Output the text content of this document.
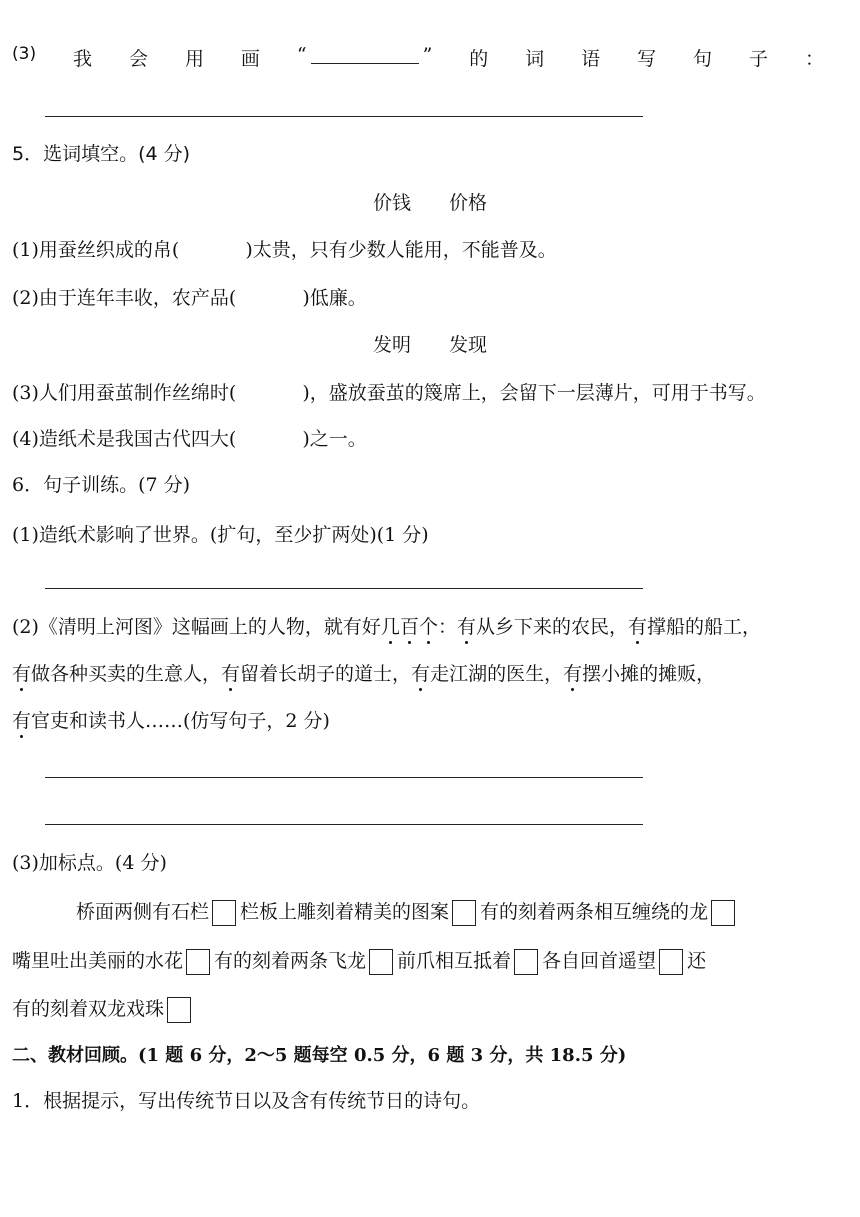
(3) 我 会 用 画 “	” 的 词 语 写 句 子 ：
5．选词填空。(4 分)
价钱　　价格
(1)用蚕丝织成的帛(	)太贵，只有少数人能用，不能普及。
(2)由于连年丰收，农产品(	)低廉。
发明　　发现
(3)人们用蚕茧制作丝绵时(	)，盛放蚕茧的篾席上，会留下一层薄片，可用于书写。
(4)造纸术是我国古代四大(	)之一。
6．句子训练。(7 分)
(1)造纸术影响了世界。(扩句，至少扩两处)(1 分)
(2)《清明上河图》这幅画上的人物，就有好几百个：有从乡下来的农民，有撑船的船工，
有做各种买卖的生意人，有留着长胡子的道士，有走江湖的医生，有摆小摊的摊贩，
有官吏和读书人……(仿写句子，2 分)
(3)加标点。(4 分)
桥面两侧有石栏 栏板上雕刻着精美的图案 有的刻着两条相互缠绕的龙
嘴里吐出美丽的水花 有的刻着两条飞龙 前爪相互抵着 各自回首遥望 还
有的刻着双龙戏珠
二、教材回顾。(1 题 6 分，2～5 题每空 0.5 分，6 题 3 分，共 18.5 分)
1．根据提示，写出传统节日以及含有传统节日的诗句。
